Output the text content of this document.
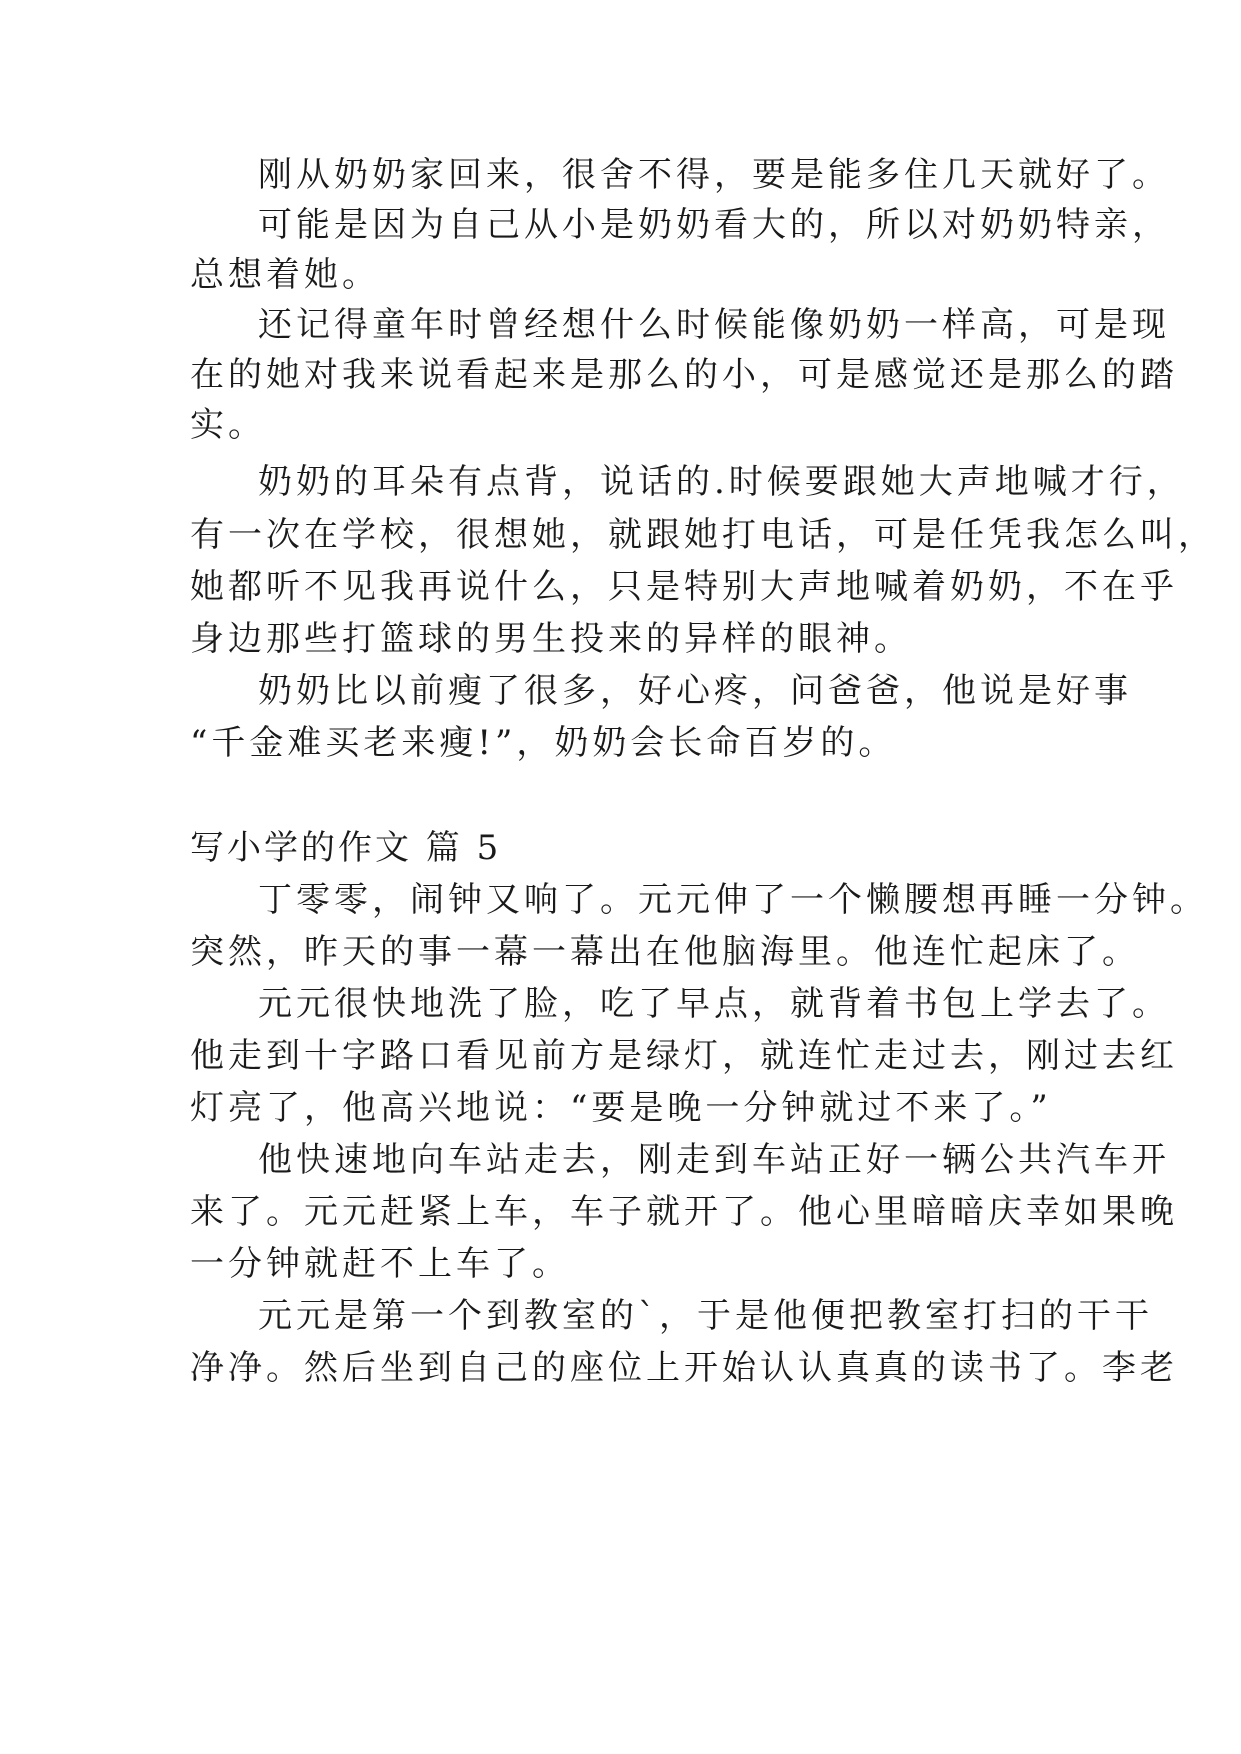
刚从奶奶家回来，很舍不得，要是能多住几天就好了。
可能是因为自己从小是奶奶看大的，所以对奶奶特亲，
总想着她。
还记得童年时曾经想什么时候能像奶奶一样高，可是现
在的她对我来说看起来是那么的小，可是感觉还是那么的踏
实。
奶奶的耳朵有点背，说话的.时候要跟她大声地喊才行，
有一次在学校，很想她，就跟她打电话，可是任凭我怎么叫，
她都听不见我再说什么，只是特别大声地喊着奶奶，不在乎
身边那些打篮球的男生投来的异样的眼神。
奶奶比以前瘦了很多，好心疼，问爸爸，他说是好事
“千金难买老来瘦!”，奶奶会长命百岁的。
写小学的作文 篇 5
丁零零，闹钟又响了。元元伸了一个懒腰想再睡一分钟。
突然，昨天的事一幕一幕出在他脑海里。他连忙起床了。
元元很快地洗了脸，吃了早点，就背着书包上学去了。
他走到十字路口看见前方是绿灯，就连忙走过去，刚过去红
灯亮了，他高兴地说：“要是晚一分钟就过不来了。”
他快速地向车站走去，刚走到车站正好一辆公共汽车开
来了。元元赶紧上车，车子就开了。他心里暗暗庆幸如果晚
一分钟就赶不上车了。
元元是第一个到教室的`，于是他便把教室打扫的干干
净净。然后坐到自己的座位上开始认认真真的读书了。李老
